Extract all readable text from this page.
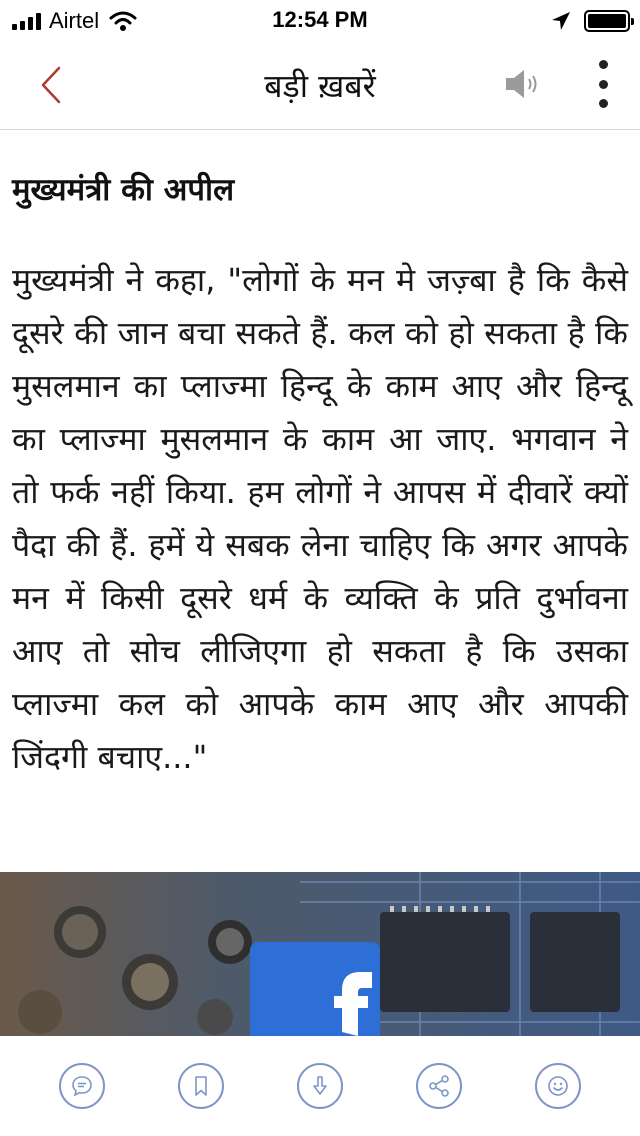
Airtel	12:54 PM
बड़ी ख़बरें
मुख्यमंत्री की अपील

मुख्यमंत्री ने कहा, "लोगों के मन मे जज़्बा है कि कैसे दूसरे की जान बचा सकते हैं. कल को हो सकता है कि मुसलमान का प्लाज्मा हिन्दू के काम आए और हिन्दू का प्लाज्मा मुसलमान के काम आ जाए. भगवान ने तो फर्क नहीं किया. हम लोगों ने आपस में दीवारें क्यों पैदा की हैं. हमें ये सबक लेना चाहिए कि अगर आपके मन में किसी दूसरे धर्म के व्यक्ति के प्रति दुर्भावना आए तो सोच लीजिएगा हो सकता है कि उसका प्लाज्मा कल को आपके काम आए और आपकी जिंदगी बचाए..."
